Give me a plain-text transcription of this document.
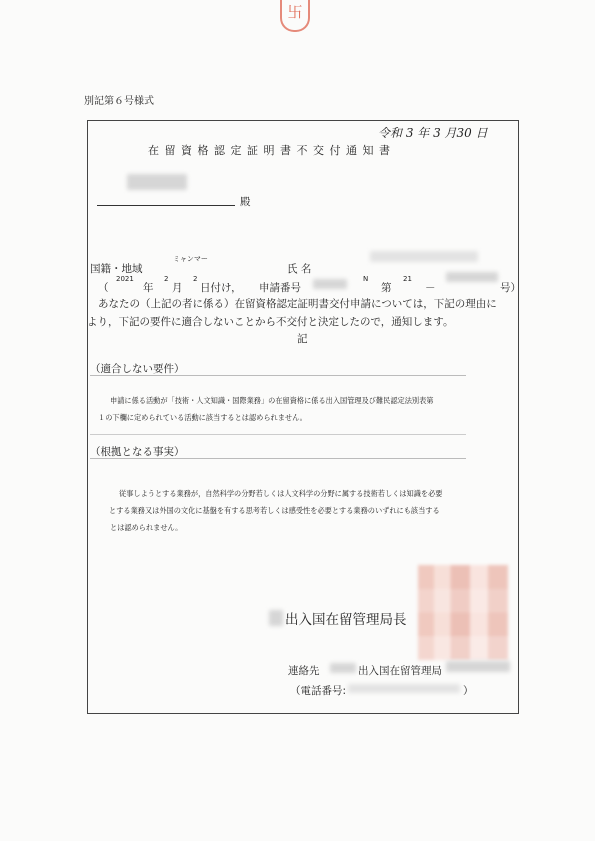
卐
別記第６号様式
令和 3 年 3 月30 日
在留資格認定証明書不交付通知書
殿
ミャンマー
国籍・地域	氏 名
（
2021
年
2
月
2
日付け， 申請番号
N
第
21
－	号）
あなたの（上記の者に係る）在留資格認定証明書交付申請については，下記の理由に
より，下記の要件に適合しないことから不交付と決定したので，通知します。
記
（適合しない要件）
申請に係る活動が「技術・人文知識・国際業務」の在留資格に係る出入国管理及び難民認定法別表第
１の下欄に定められている活動に該当するとは認められません。
（根拠となる事実）
従事しようとする業務が，自然科学の分野若しくは人文科学の分野に属する技術若しくは知識を必要
とする業務又は外国の文化に基盤を有する思考若しくは感受性を必要とする業務のいずれにも該当する
とは認められません。
出入国在留管理局長
連絡先	出入国在留管理局
（電話番号:	）
